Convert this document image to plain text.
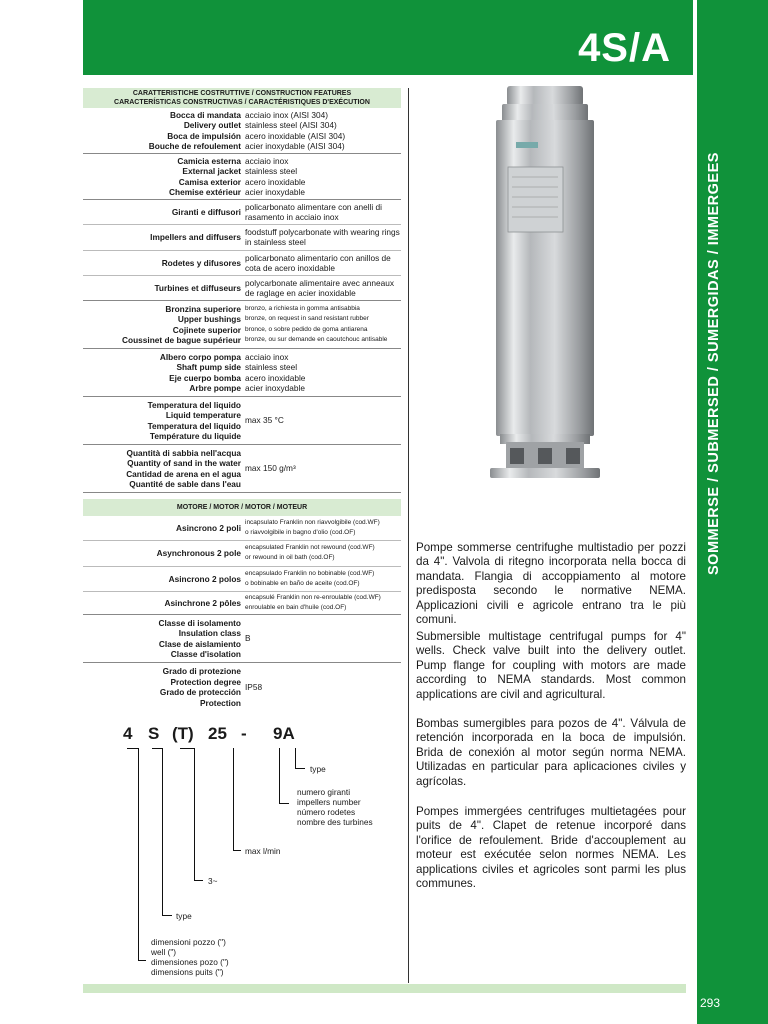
4S/A
SOMMERSE / SUBMERSED / SUMERGIDAS / IMMERGEES
293
CARATTERISTICHE COSTRUTTIVE / CONSTRUCTION FEATURES
CARACTERÍSTICAS CONSTRUCTIVAS / CARACTÉRISTIQUES D'EXÉCUTION
Bocca di mandata
Delivery outlet
Boca de impulsión
Bouche de refoulement
acciaio inox (AISI 304)
stainless steel (AISI 304)
acero inoxidable (AISI 304)
acier inoxydable (AISI 304)
Camicia esterna
External jacket
Camisa exterior
Chemise extérieur
acciaio inox
stainless steel
acero inoxidable
acier inoxydable
Giranti e diffusori policarbonato alimentare con anelli di rasamento in acciaio inox
Impellers and diffusers foodstuff polycarbonate with wearing rings in stainless steel
Rodetes y difusores policarbonato alimentario con anillos de cota de acero inoxidable
Turbines et diffuseurs polycarbonate alimentaire avec anneaux de raglage en acier inoxidable
Bronzina superiore
Upper bushings
Cojinete superior
Coussinet de bague supérieur
bronzo, a richiesta in gomma antisabbia
bronze, on request in sand resistant rubber
bronce, o sobre pedido de goma antiarena
bronze, ou sur demande en caoutchouc antisable
Albero corpo pompa
Shaft pump side
Eje cuerpo bomba
Arbre pompe
acciaio inox
stainless steel
acero inoxidable
acier inoxydable
Temperatura del liquido
Liquid temperature
Temperatura del liquido
Température du liquide
max 35 °C
Quantità di sabbia nell'acqua
Quantity of sand in the water
Cantidad de arena en el agua
Quantité de sable dans l'eau
max 150 g/m³
MOTORE / MOTOR / MOTOR / MOTEUR
Asincrono 2 poli
incapsulato Franklin non riavvolgibile (cod.WF)
o riavvolgibile in bagno d'olio (cod.OF)
Asynchronous 2 pole
encapsulated Franklin not rewound (cod.WF)
or rewound in oil bath (cod.OF)
Asincrono 2 polos
encapsulado Franklin no bobinable (cod.WF)
o bobinable en baño de aceite (cod.OF)
Asinchrone 2 pôles
encapsulé Franklin non re-enroulable (cod.WF)
enroulable en bain d'huile (cod.OF)
Classe di isolamento
Insulation class
Clase de aislamiento
Classe d'isolation
B
Grado di protezione
Protection degree
Grado de protección
Protection
IP58
4 S (T) 25 - 9A
type
numero giranti
impellers number
número rodetes
nombre des turbines
max l/min
3~
type
dimensioni pozzo (")
well (")
dimensiones pozo (")
dimensions puits (")
Pompe sommerse centrifughe multistadio per pozzi da 4". Valvola di ritegno incorporata nella bocca di mandata. Flangia di accoppiamento al motore predisposta secondo le normative NEMA. Applicazioni civili e agricole entrano tra le più comuni.
Submersible multistage centrifugal pumps for 4" wells. Check valve built into the delivery outlet. Pump flange for coupling with motors are made according to NEMA standards. Most common applications are civil and agricultural.
Bombas sumergibles para pozos de 4". Válvula de retención incorporada en la boca de impulsión. Brida de conexión al motor según norma NEMA. Utilizadas en particular para aplicaciones civiles y agrícolas.
Pompes immergées centrifuges multietagées pour puits de 4". Clapet de retenue incorporé dans l'orifice de refoulement. Bride d'accouplement au moteur est exécutée selon normes NEMA. Les applications civiles et agricoles sont parmi les plus communes.
